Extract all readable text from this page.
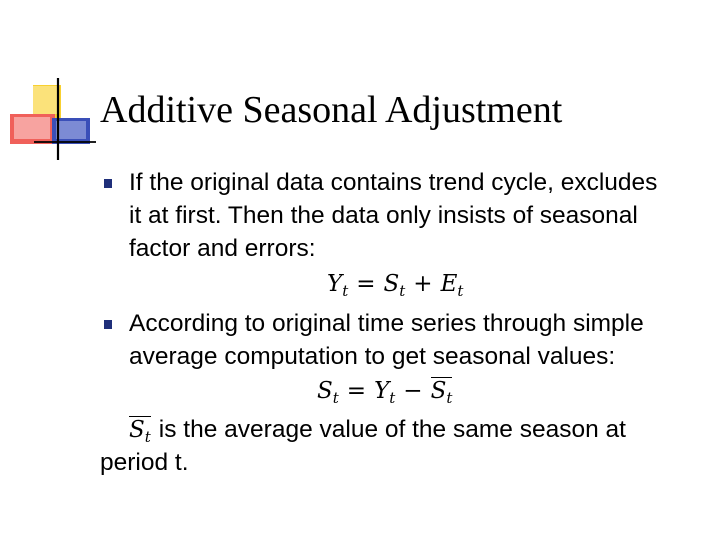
Additive Seasonal Adjustment
If the original data contains trend cycle, excludes
it at first. Then the data only insists of seasonal
factor and errors:
$Y_t = S_t + E_t$
According to original time series through simple
average computation to get seasonal values:
$S_t = Y_t - S_t$
$S_t$ is the average value of the same season at
period t.
